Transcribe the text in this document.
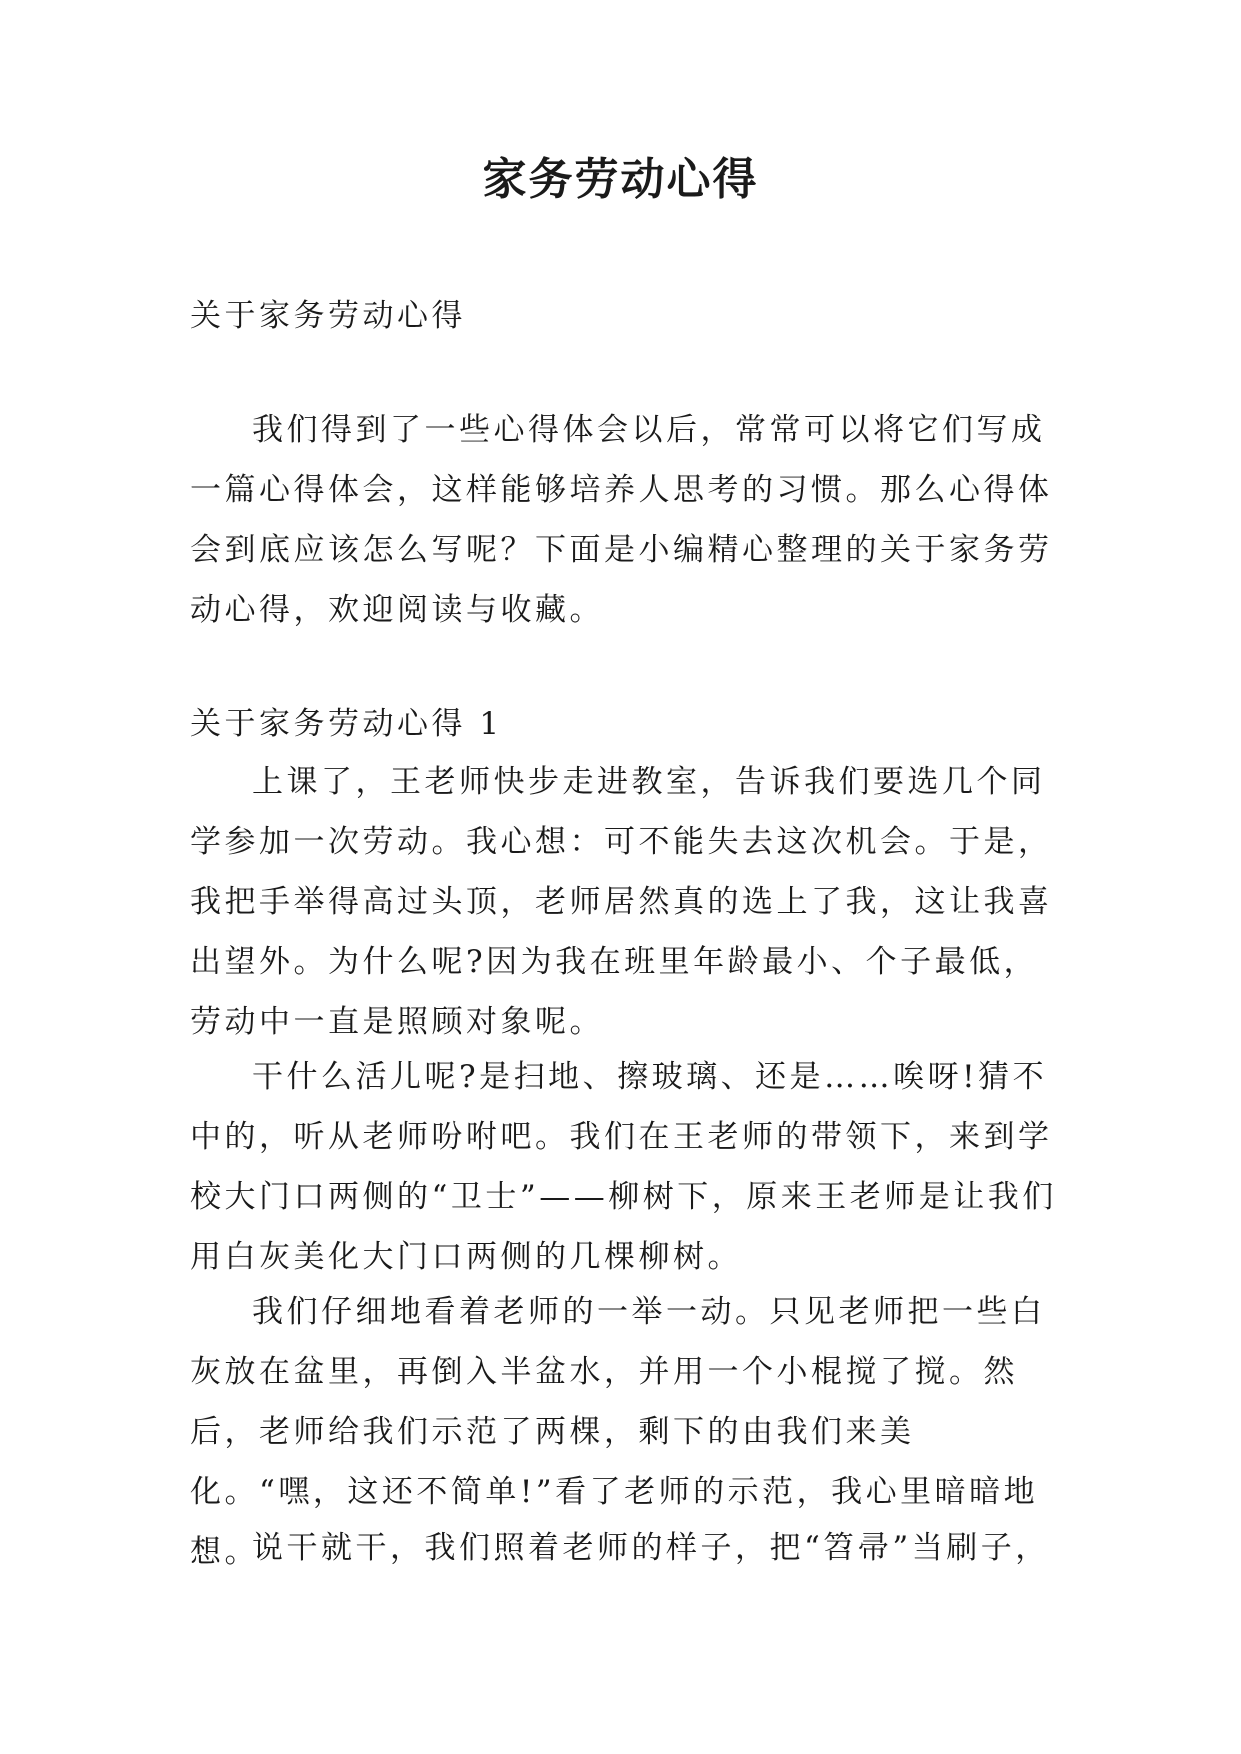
家务劳动心得

关于家务劳动心得

我们得到了一些心得体会以后，常常可以将它们写成一篇心得体会，这样能够培养人思考的习惯。那么心得体会到底应该怎么写呢？下面是小编精心整理的关于家务劳动心得，欢迎阅读与收藏。

关于家务劳动心得 1

上课了，王老师快步走进教室，告诉我们要选几个同学参加一次劳动。我心想：可不能失去这次机会。于是，我把手举得高过头顶，老师居然真的选上了我，这让我喜出望外。为什么呢?因为我在班里年龄最小、个子最低，劳动中一直是照顾对象呢。

干什么活儿呢?是扫地、擦玻璃、还是……唉呀!猜不中的，听从老师吩咐吧。我们在王老师的带领下，来到学校大门口两侧的“卫士”——柳树下，原来王老师是让我们用白灰美化大门口两侧的几棵柳树。

我们仔细地看着老师的一举一动。只见老师把一些白灰放在盆里，再倒入半盆水，并用一个小棍搅了搅。然后，老师给我们示范了两棵，剩下的由我们来美化。“嘿，这还不简单!”看了老师的示范，我心里暗暗地想。

说干就干，我们照着老师的样子，把“笤帚”当刷子，
